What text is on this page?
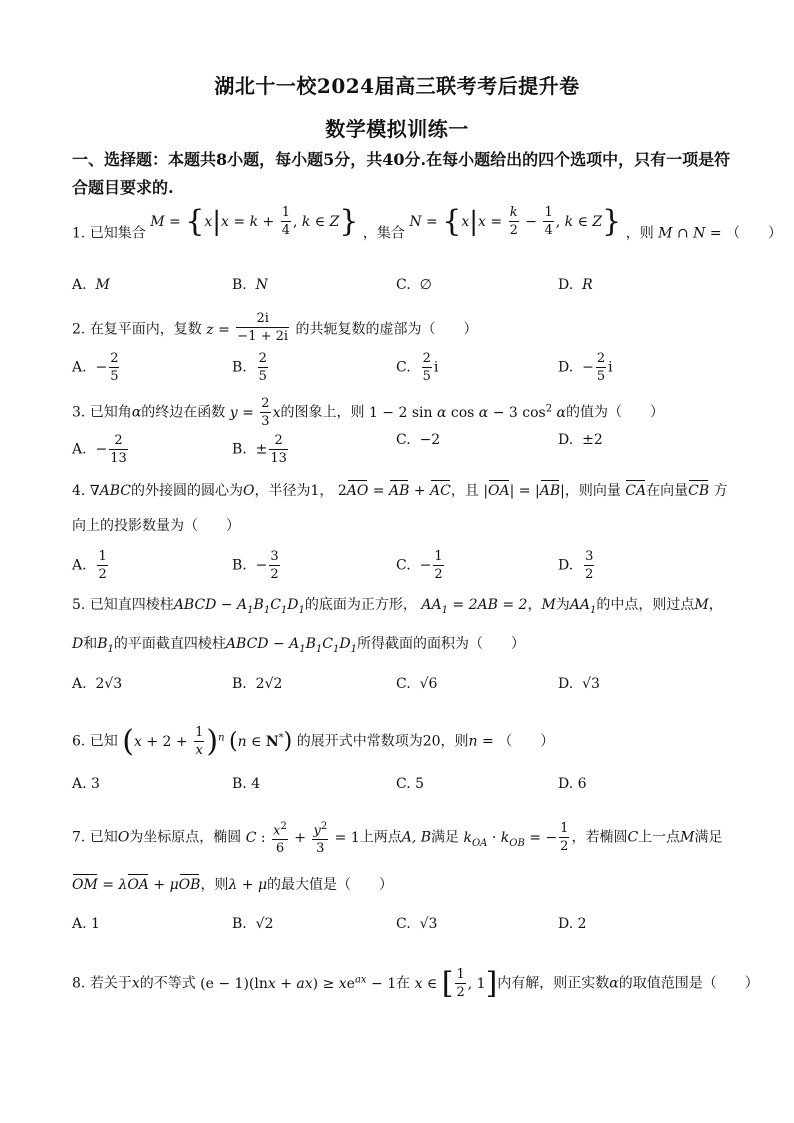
湖北十一校2024届高三联考考后提升卷
数学模拟训练一
一、选择题：本题共8小题，每小题5分，共40分.在每小题给出的四个选项中，只有一项是符合题目要求的.
1. 已知集合 $M = \{x|x = k + \frac{1}{4}$ , k ∈ Z} ，集合 $N = \{x|x = \frac{k}{2} - \frac{1}{4}$ , k ∈ Z} ，则 M ∩ N = （　　）
A. M	B. N	C. ∅	D. R
2. 在复平面内，复数 $z = \frac{2i}{-1 + 2i}$ 的共轭复数的虚部为（　　）
A.  − $\frac{2}{5}$	B. $\frac{2}{5}$	C. $\frac{2}{5}$ i	D.  − $\frac{2}{5}$ i
3. 已知角α的终边在函数 $y = \frac{2}{3}$ x的图象上，则 1 − 2 sin α cos α − 3 $\cos^2 \alpha$的值为（　　）
A.  − $\frac{2}{13}$	B.  ± $\frac{2}{13}$	C. −2	D. ±2
4. ∇ABC的外接圆的圆心为O，半径为1， 2AO = AB + AC，且 |OA| = |AB|，则向量 CA在向量CB 方
向上的投影数量为（　　）
A. $\frac{1}{2}$	B.  − $\frac{3}{2}$	C.  − $\frac{1}{2}$	D. $\frac{3}{2}$
5. 已知直四棱柱ABCD − $A_1B_1C_1D_1$的底面为正方形， $AA_1 = 2AB = 2$，M为$AA_1$的中点，则过点M，
D和$B_1$的平面截直四棱柱ABCD − $A_1B_1C_1D_1$所得截面的面积为（　　）
A. 2√3	B. 2√2	C. √6	D. √3
6. 已知 $(x + 2 + \frac{1}{x} )^n$ (n ∈ N*) 的展开式中常数项为20，则n = （　　）
A. 3	B. 4	C. 5	D. 6
7. 已知O为坐标原点，椭圆 C : $\frac{x^2}{6} + \frac{y^2}{3} = 1$上两点A, B满足 $k_{OA} \cdot k_{OB}$ = − $\frac{1}{2}$ ，若椭圆C上一点M满足
OM = λOA + μOB，则λ + μ的最大值是（　　）
A. 1	B. √2	C. √3	D. 2
8. 若关于x的不等式 $(e - 1)(\ln x + ax) \ge xe^{ax} - 1$在 x ∈ [ $\frac{1}{2}$ , 1]内有解，则正实数α的取值范围是（　　）
